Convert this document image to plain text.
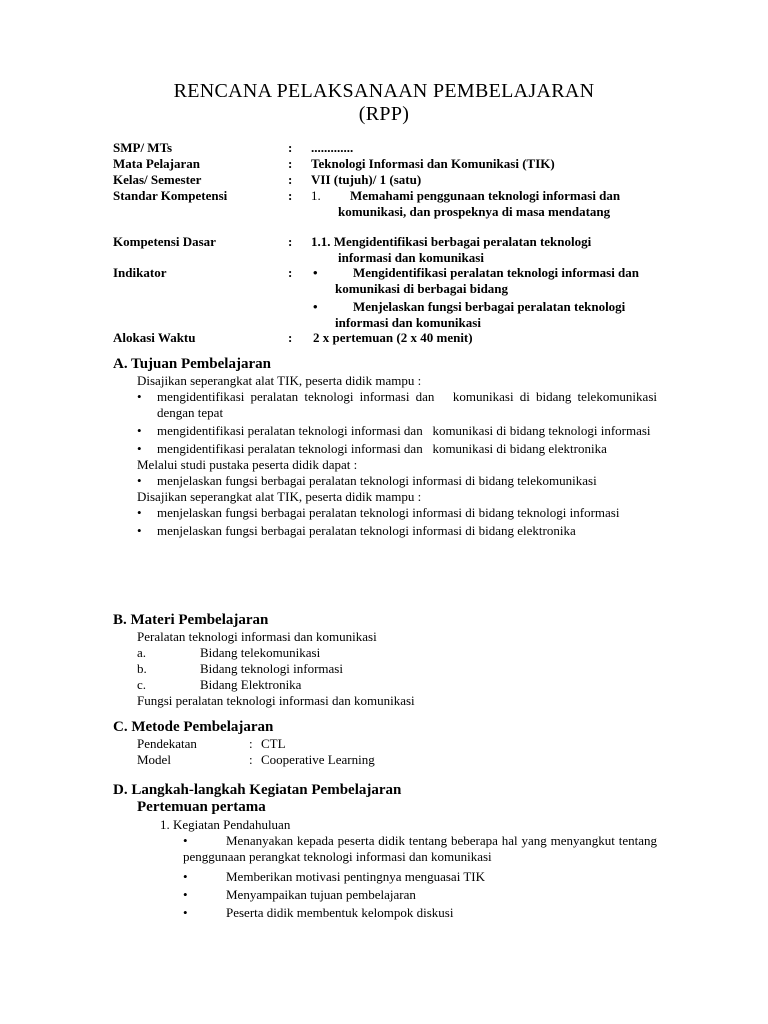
RENCANA PELAKSANAAN PEMBELAJARAN
(RPP)
SMP/ MTs	:	.............
Mata Pelajaran	:	Teknologi Informasi dan Komunikasi (TIK)
Kelas/ Semester	:	VII (tujuh)/ 1 (satu)
Standar Kompetensi	:	1.	Memahami penggunaan teknologi informasi dan komunikasi, dan prospeknya di masa mendatang
Kompetensi Dasar	:	1.1. Mengidentifikasi berbagai peralatan teknologi
informasi dan komunikasi
Indikator	:	•	Mengidentifikasi peralatan teknologi informasi dan   komunikasi di berbagai bidang
•	Menjelaskan fungsi berbagai peralatan teknologi            informasi dan komunikasi
Alokasi Waktu	:	2 x pertemuan (2 x 40 menit)
A. Tujuan Pembelajaran
Disajikan seperangkat alat TIK, peserta didik mampu :
•	mengidentifikasi peralatan teknologi informasi dan   komunikasi di bidang telekomunikasi dengan tepat
•	mengidentifikasi peralatan teknologi informasi dan   komunikasi di bidang teknologi informasi
•	mengidentifikasi peralatan teknologi informasi dan   komunikasi di bidang elektronika
Melalui studi pustaka peserta didik dapat :
•	menjelaskan fungsi berbagai peralatan teknologi informasi di bidang telekomunikasi
Disajikan seperangkat alat TIK, peserta didik mampu :
•	menjelaskan fungsi berbagai peralatan teknologi informasi di bidang teknologi informasi
•	menjelaskan fungsi berbagai peralatan teknologi informasi di bidang elektronika
B. Materi Pembelajaran
Peralatan teknologi informasi dan komunikasi
a.	Bidang telekomunikasi
b.	Bidang teknologi informasi
c.	Bidang Elektronika
Fungsi peralatan teknologi informasi dan komunikasi
C. Metode Pembelajaran
Pendekatan	: CTL
Model	: Cooperative Learning
D. Langkah-langkah Kegiatan Pembelajaran
Pertemuan pertama
1. Kegiatan Pendahuluan
•	Menanyakan kepada peserta didik tentang beberapa hal yang menyangkut tentang penggunaan perangkat teknologi informasi dan komunikasi
•	Memberikan motivasi pentingnya menguasai TIK
•	Menyampaikan tujuan pembelajaran
•	Peserta didik membentuk kelompok diskusi
